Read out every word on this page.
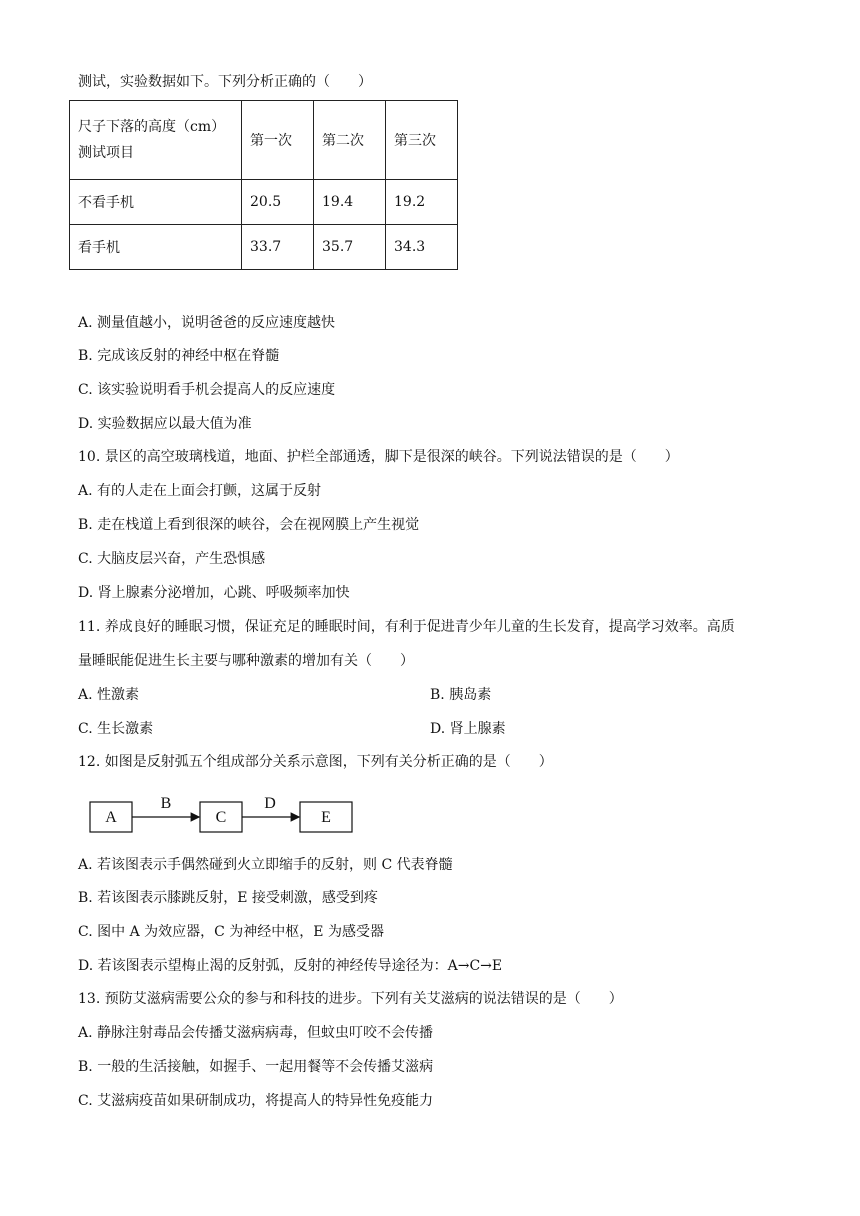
测试，实验数据如下。下列分析正确的（　　）
尺子下落的高度（cm）
测试项目	第一次	第二次	第三次
不看手机	20.5	19.4	19.2
看手机	33.7	35.7	34.3
A. 测量值越小，说明爸爸的反应速度越快
B. 完成该反射的神经中枢在脊髓
C. 该实验说明看手机会提高人的反应速度
D. 实验数据应以最大值为准
10. 景区的高空玻璃栈道，地面、护栏全部通透，脚下是很深的峡谷。下列说法错误的是（　　）
A. 有的人走在上面会打颤，这属于反射
B. 走在栈道上看到很深的峡谷，会在视网膜上产生视觉
C. 大脑皮层兴奋，产生恐惧感
D. 肾上腺素分泌增加，心跳、呼吸频率加快
11. 养成良好的睡眠习惯，保证充足的睡眠时间，有利于促进青少年儿童的生长发育，提高学习效率。高质
量睡眠能促进生长主要与哪种激素的增加有关（　　）
A. 性激素	B. 胰岛素
C. 生长激素	D. 肾上腺素
12. 如图是反射弧五个组成部分关系示意图，下列有关分析正确的是（　　）
A
B
C
D
E
A. 若该图表示手偶然碰到火立即缩手的反射，则 C 代表脊髓
B. 若该图表示膝跳反射，E 接受刺激，感受到疼
C. 图中 A 为效应器，C 为神经中枢，E 为感受器
D. 若该图表示望梅止渴的反射弧，反射的神经传导途径为：A→C→E
13. 预防艾滋病需要公众的参与和科技的进步。下列有关艾滋病的说法错误的是（　　）
A. 静脉注射毒品会传播艾滋病病毒，但蚊虫叮咬不会传播
B. 一般的生活接触，如握手、一起用餐等不会传播艾滋病
C. 艾滋病疫苗如果研制成功，将提高人的特异性免疫能力
